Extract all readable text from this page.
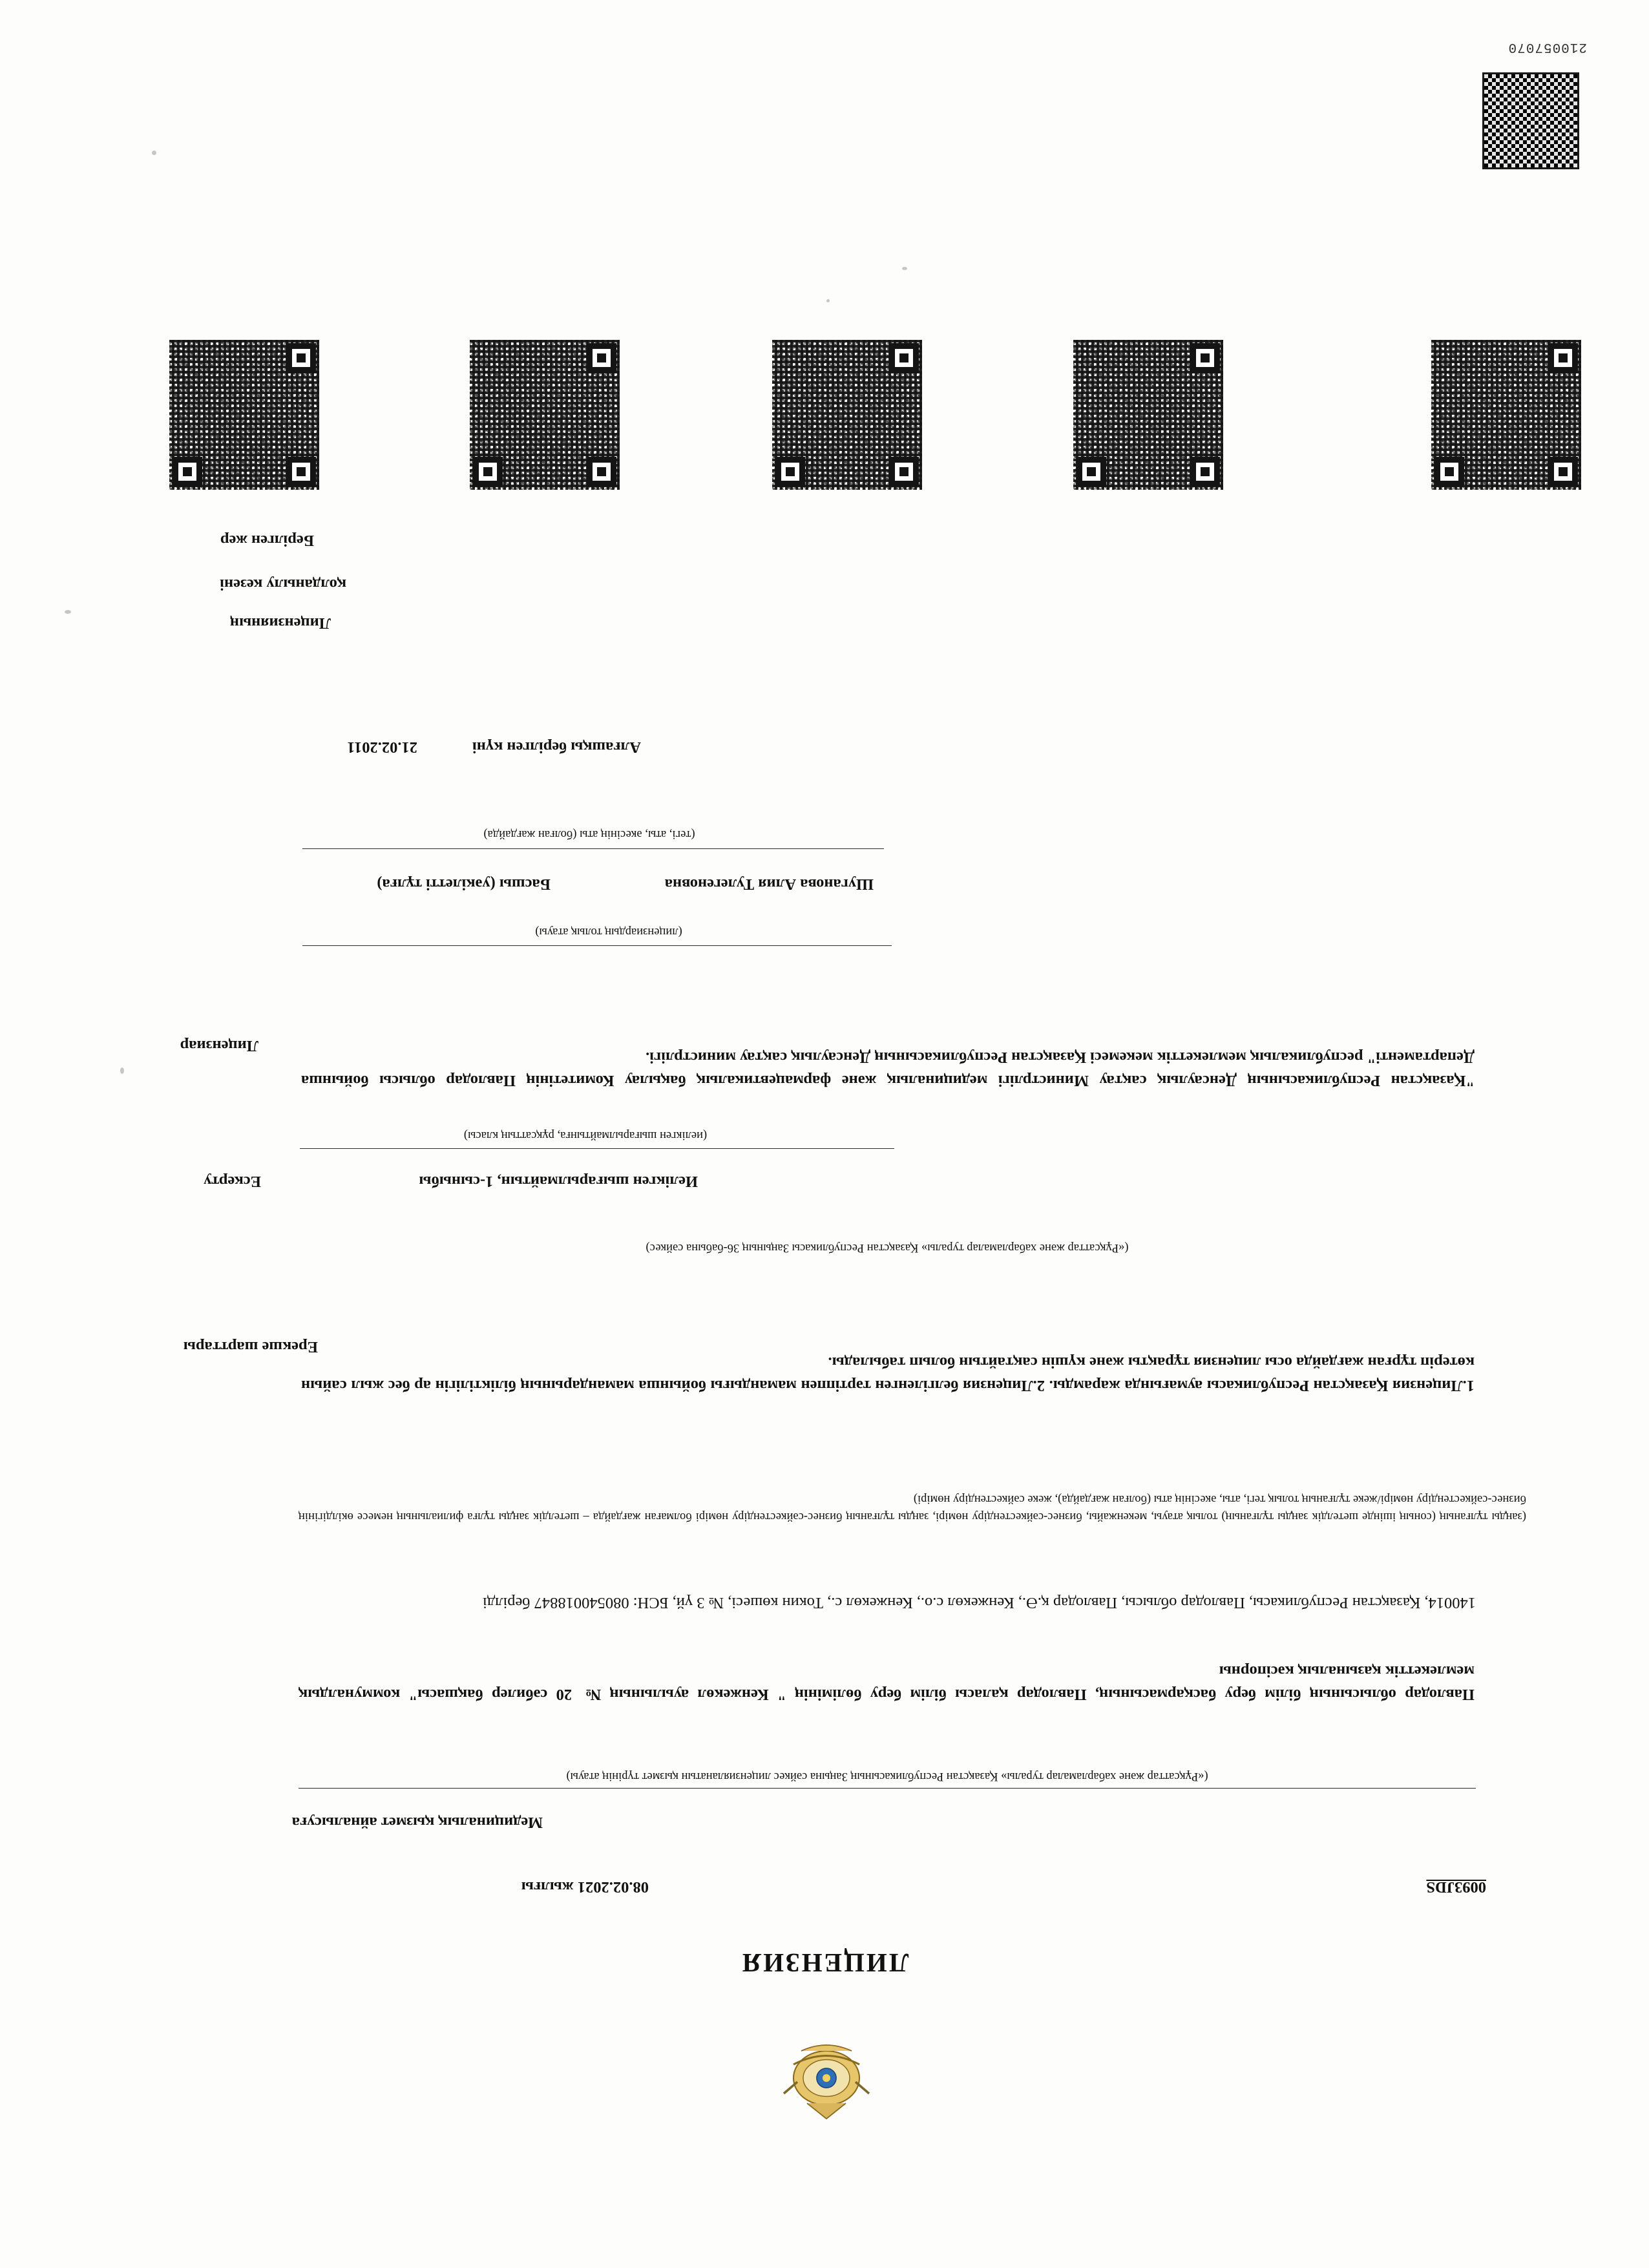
Берілген жер
қолданылу кезені
Лицензияның
Алғашқы берілген күні
21.02.2011
(тегі, аты, әкесінің аты (болған жағдайда)
Шуганова Алия Тулегеновна
Басшы (уәкілетті тұлға)
(лицензиардың толық атауы)
"Қазақстан Республикасының Денсаулық сақтау Министрлігі медициналық және фармацевтикалық бақылау Комитетінің Павлодар облысы бойынша Департаменті" республикалық мемлекеттік мекемесі Қазақстан Республикасының Денсаулық сақтау министрлігі.
Лицензиар
(иелікген шығарылмайтынға, рұқсаттың класы)
Иелікген шығарылмайтын, 1-сыныбы
Ескерту
(«Рұқсаттар және хабарламалар туралы» Қазақстан Республикасы Заңының 36-бабына сәйкес)
1.Лицензия Қазақстан Республикасы аумағында жарамды. 2.Лицензия белгіленген тәртіппен мамандығы бойынша мамандарының біліктілігін ар бес жыл сайын көтеріп тұрған жағдайда осы лицензия тұрақты және күшін сақтайтын болып табылады.
Ерекше шарттары
(заңды тұлғаның (соның ішінде шетелдік заңды тұлғаның) толық атауы, мекенжайы, бизнес-сәйкестендіру нөмірі, заңды тұлғаның бизнес-сәйкестендіру нөмірі болмаған жағдайда – шетелдік заңды тұлға филиалының немесе өкілдігінің бизнес-сәйкестендіру нөмірі/жеке тұлғаның толық тегі, аты, әкесінің аты (болған жағдайда), жеке сәйкестендіру нөмірі)
140014, Қазақстан Республикасы, Павлодар облысы, Павлодар қ.Ә., Кенжекөл с.о., Кенжекөл с., Токин көшесі, № 3 үй, БСН: 080540018847 берілді
Павлодар облысының білім беру басқармасының, Павлодар қаласы білім беру бөлімінің " Кенжекөл ауылының № 20 сәбилер бақшасы" коммуналдық мемлекеттік қазыналық кәсіпорны
(«Рұқсаттар және хабарламалар туралы» Қазақстан Республикасының Заңына сәйкес лицензияланатын қызмет түрінің атауы)
Медициналық қызмет айналысуға
08.02.2021 жылғы	0093ЈDS
ЛИЦЕНЗИЯ
210057070
